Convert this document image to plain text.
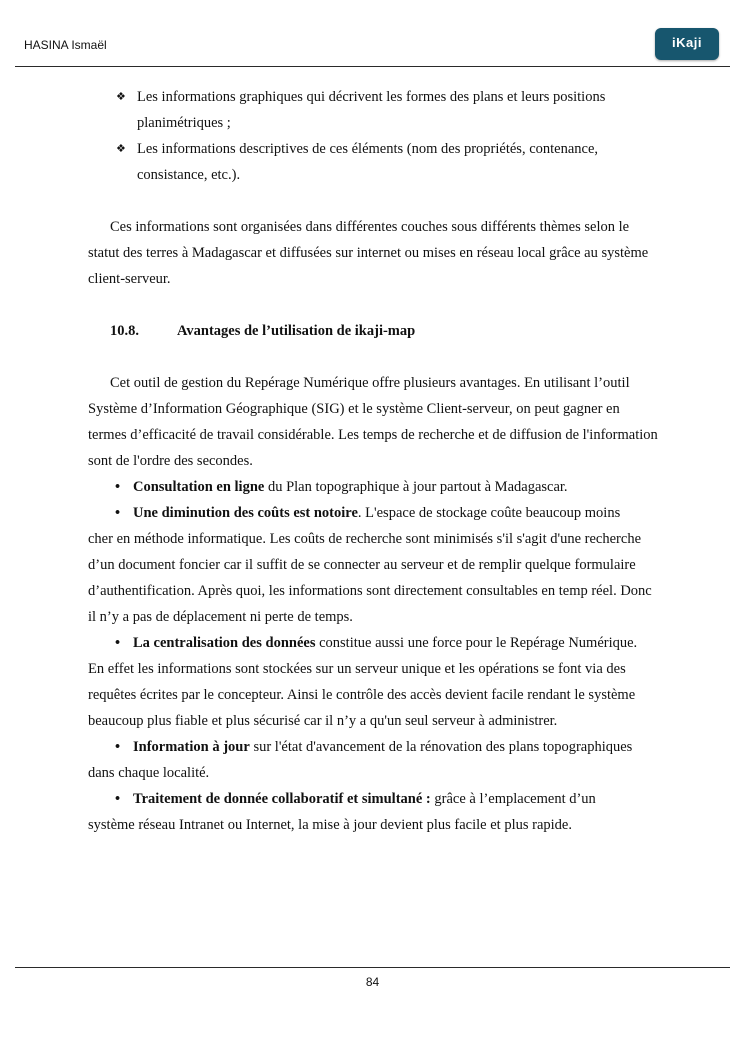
HASINA Ismaël	iKaji
❖ Les informations graphiques qui décrivent les formes des plans et leurs positions
planimétriques ;
❖ Les informations descriptives de ces éléments (nom des propriétés, contenance,
consistance, etc.).

Ces informations sont organisées dans différentes couches sous différents thèmes selon le statut des terres à Madagascar et diffusées sur internet ou mises en réseau local grâce au système client-serveur.

10.8.	Avantages de l’utilisation de ikaji-map

Cet outil de gestion du Repérage Numérique offre plusieurs avantages. En utilisant l’outil Système d’Information Géographique (SIG) et le système Client-serveur, on peut gagner en termes d’efficacité de travail considérable. Les temps de recherche et de diffusion de l'information sont de l'ordre des secondes.

• Consultation en ligne du Plan topographique à jour partout à Madagascar.
• Une diminution des coûts est notoire. L'espace de stockage coûte beaucoup moins

cher en méthode informatique. Les coûts de recherche sont minimisés s'il s'agit d'une recherche d’un document foncier car il suffit de se connecter au serveur et de remplir quelque formulaire d’authentification. Après quoi, les informations sont directement consultables en temp réel. Donc il n’y a pas de déplacement ni perte de temps.

• La centralisation des données constitue aussi une force pour le Repérage Numérique.

En effet les informations sont stockées sur un serveur unique et les opérations se font via des requêtes écrites par le concepteur. Ainsi le contrôle des accès devient facile rendant le système beaucoup plus fiable et plus sécurisé car il n’y a qu'un seul serveur à administrer.

• Information à jour sur l'état d'avancement de la rénovation des plans topographiques

dans chaque localité.

• Traitement de donnée collaboratif et simultané : grâce à l’emplacement d’un

système réseau Intranet ou Internet, la mise à jour devient plus facile et plus rapide.

84
